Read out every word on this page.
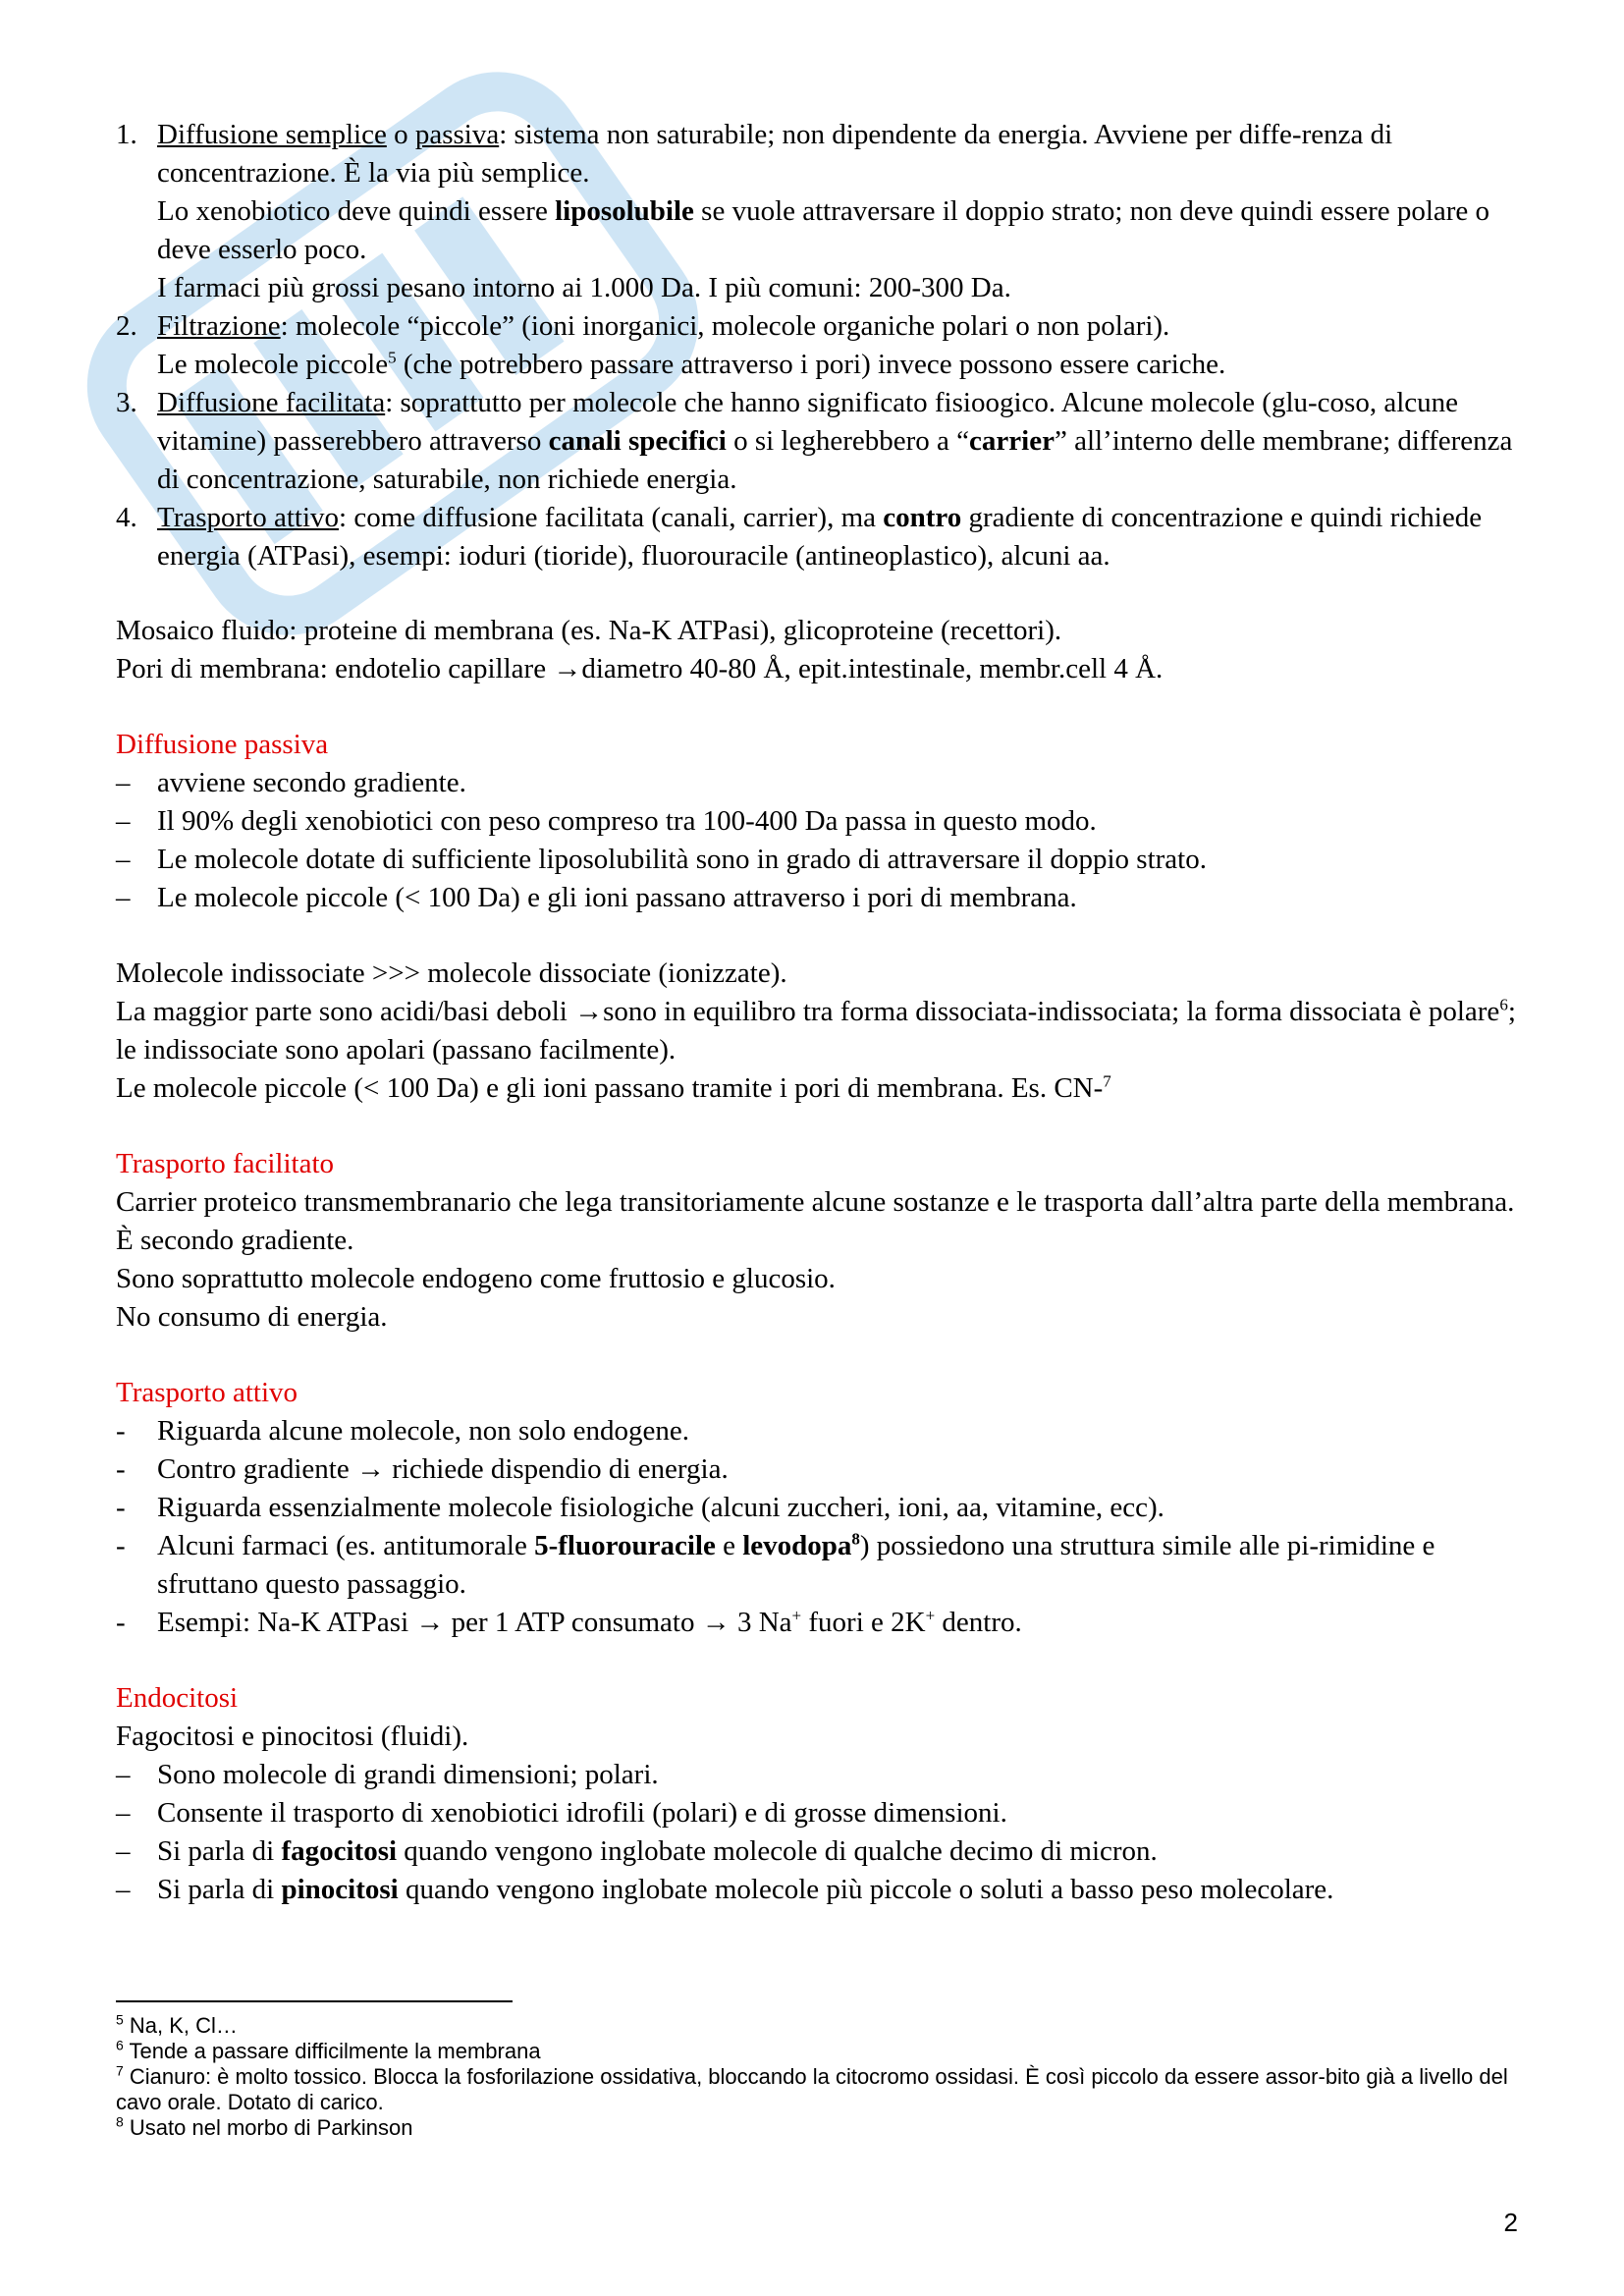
1. Diffusione semplice o passiva: sistema non saturabile; non dipendente da energia. Avviene per diffe-renza di concentrazione. È la via più semplice.
Lo xenobiotico deve quindi essere liposolubile se vuole attraversare il doppio strato; non deve quindi essere polare o deve esserlo poco.
I farmaci più grossi pesano intorno ai 1.000 Da. I più comuni: 200-300 Da.
2. Filtrazione: molecole “piccole” (ioni inorganici, molecole organiche polari o non polari).
Le molecole piccole$^5$ (che potrebbero passare attraverso i pori) invece possono essere cariche.
3. Diffusione facilitata: soprattutto per molecole che hanno significato fisioogico. Alcune molecole (glu-coso, alcune vitamine) passerebbero attraverso canali specifici o si legherebbero a “carrier” all’interno delle membrane; differenza di concentrazione, saturabile, non richiede energia.
4. Trasporto attivo: come diffusione facilitata (canali, carrier), ma contro gradiente di concentrazione e quindi richiede energia (ATPasi), esempi: ioduri (tioride), fluorouracile (antineoplastico), alcuni aa.
Mosaico fluido: proteine di membrana (es. Na-K ATPasi), glicoproteine (recettori).
Pori di membrana: endotelio capillare →diametro 40-80 Å, epit.intestinale, membr.cell 4 Å.
Diffusione passiva
– avviene secondo gradiente.
– Il 90% degli xenobiotici con peso compreso tra 100-400 Da passa in questo modo.
– Le molecole dotate di sufficiente liposolubilità sono in grado di attraversare il doppio strato.
– Le molecole piccole (< 100 Da) e gli ioni passano attraverso i pori di membrana.
Molecole indissociate >>> molecole dissociate (ionizzate).
La maggior parte sono acidi/basi deboli →sono in equilibro tra forma dissociata-indissociata; la forma dissociata è polare$^6$; le indissociate sono apolari (passano facilmente).
Le molecole piccole (< 100 Da) e gli ioni passano tramite i pori di membrana. Es. CN-$^7$
Trasporto facilitato
Carrier proteico transmembranario che lega transitoriamente alcune sostanze e le trasporta dall’altra parte della membrana.
È secondo gradiente.
Sono soprattutto molecole endogeno come fruttosio e glucosio.
No consumo di energia.
Trasporto attivo
-	Riguarda alcune molecole, non solo endogene.
-	Contro gradiente → richiede dispendio di energia.
-	Riguarda essenzialmente molecole fisiologiche (alcuni zuccheri, ioni, aa, vitamine, ecc).
-	Alcuni farmaci (es. antitumorale 5-fluorouracile e levodopa$^8$) possiedono una struttura simile alle pi-rimidine e sfruttano questo passaggio.
-	Esempi: Na-K ATPasi → per 1 ATP consumato → 3 Na+ fuori e 2K+ dentro.
Endocitosi
Fagocitosi e pinocitosi (fluidi).
– Sono molecole di grandi dimensioni; polari.
– Consente il trasporto di xenobiotici idrofili (polari) e di grosse dimensioni.
– Si parla di fagocitosi quando vengono inglobate molecole di qualche decimo di micron.
– Si parla di pinocitosi quando vengono inglobate molecole più piccole o soluti a basso peso molecolare.
$^5$ Na, K, Cl…
$^6$ Tende a passare difficilmente la membrana
$^7$ Cianuro: è molto tossico. Blocca la fosforilazione ossidativa, bloccando la citocromo ossidasi. È così piccolo da essere assor-bito già a livello del cavo orale. Dotato di carico.
$^8$ Usato nel morbo di Parkinson
2
